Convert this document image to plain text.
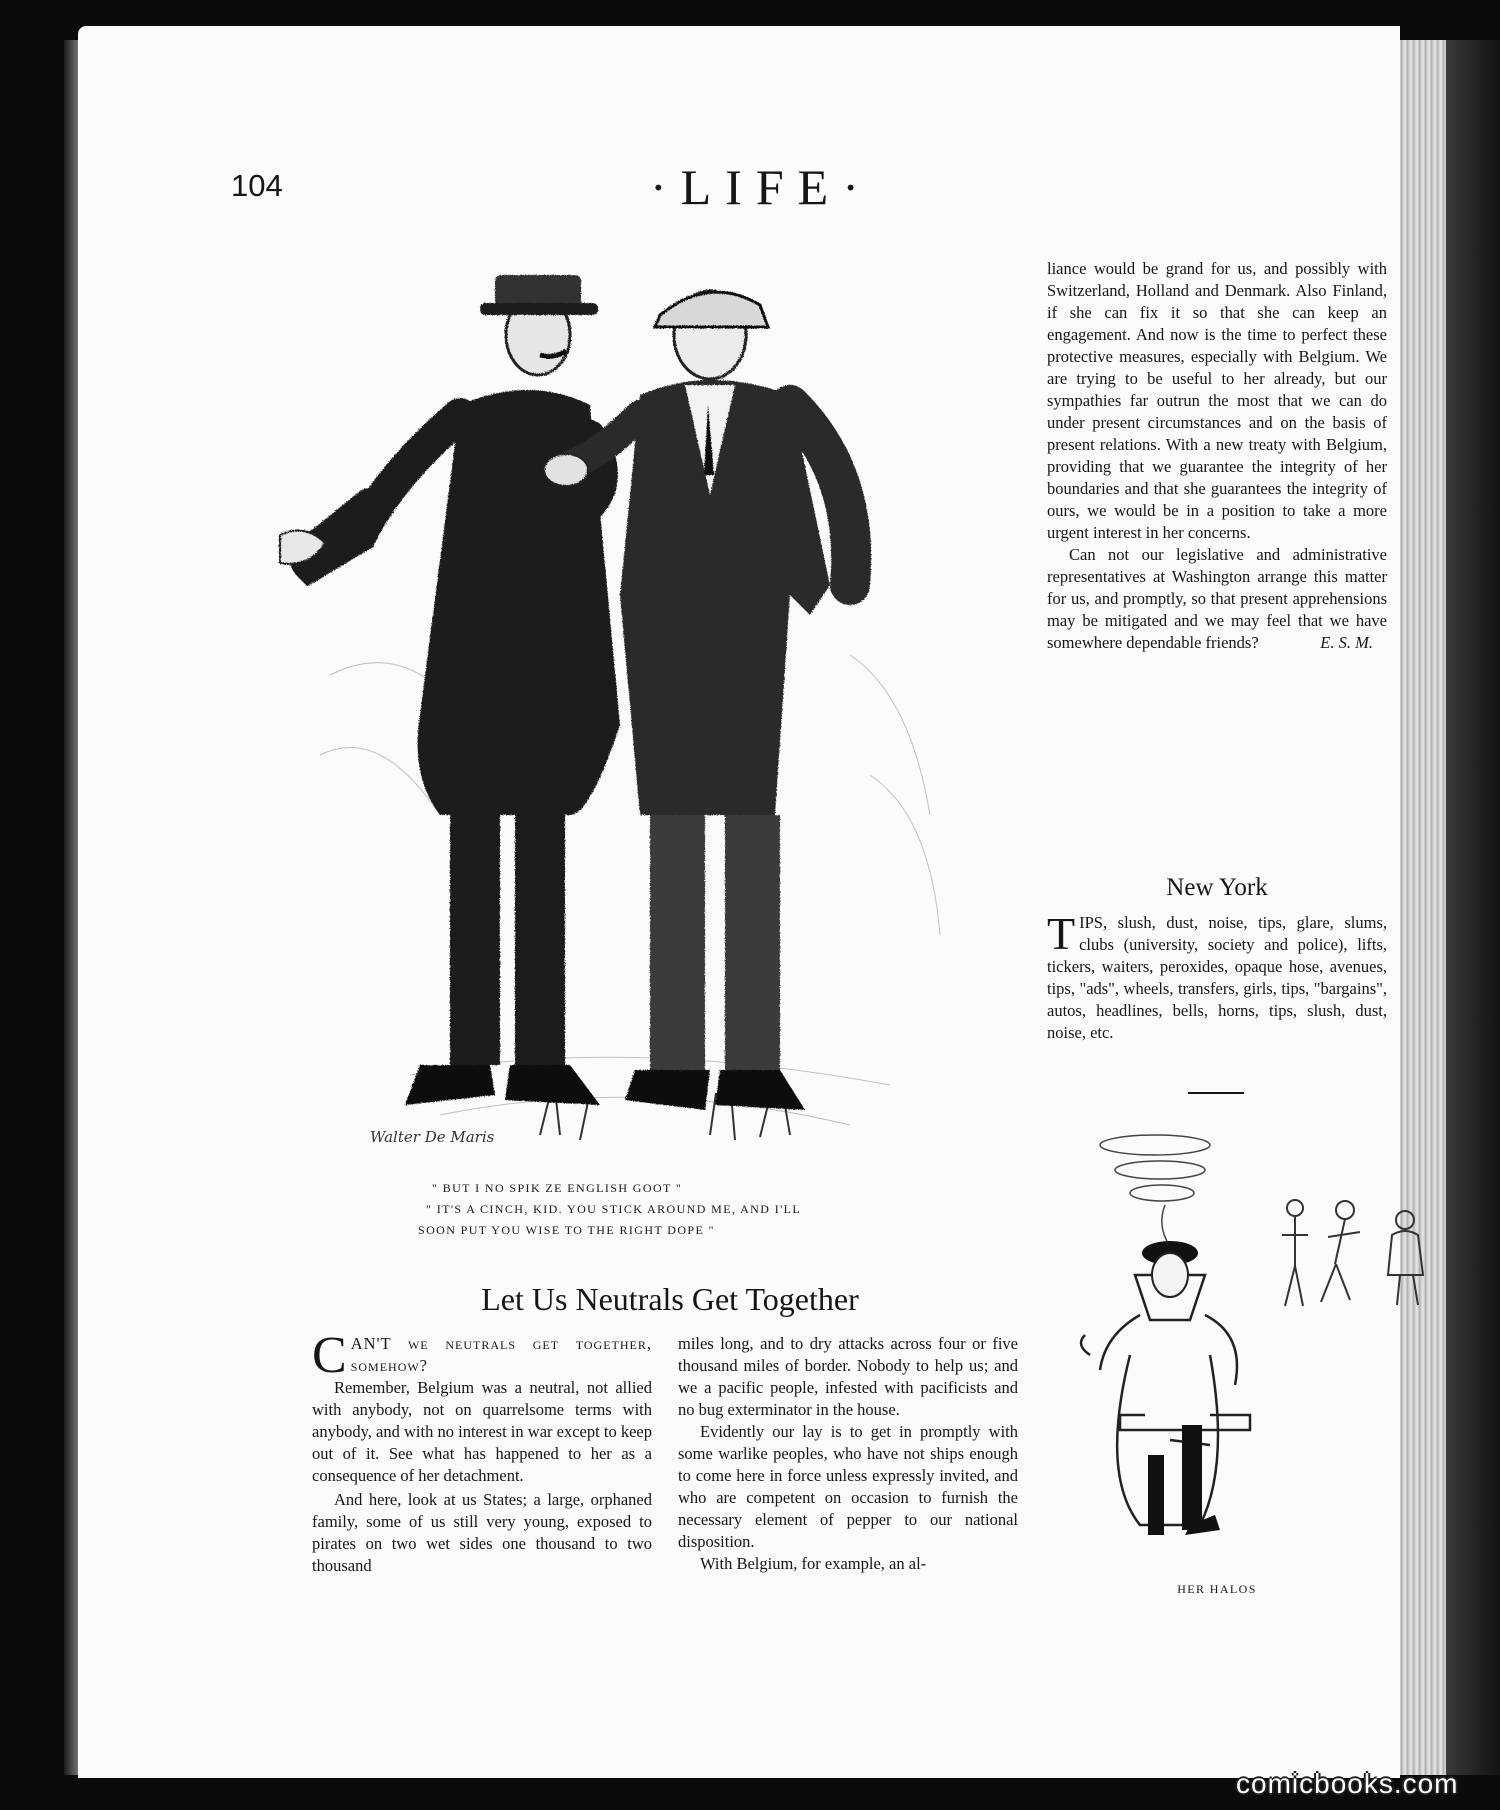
104	·LIFE·
Walter De Maris
" BUT I NO SPIK ZE ENGLISH GOOT "
" IT'S A CINCH, KID. YOU STICK AROUND ME, AND I'LL
SOON PUT YOU WISE TO THE RIGHT DOPE "
Let Us Neutrals Get Together

CAN'T we neutrals get together, somehow?

Remember, Belgium was a neutral, not allied with anybody, not on quarrelsome terms with anybody, and with no interest in war except to keep out of it. See what has happened to her as a consequence of her detachment.

And here, look at us States; a large, orphaned family, some of us still very young, exposed to pirates on two wet sides one thousand to two thousand

miles long, and to dry attacks across four or five thousand miles of border. Nobody to help us; and we a pacific people, infested with pacificists and no bug exterminator in the house.

Evidently our lay is to get in promptly with some warlike peoples, who have not ships enough to come here in force unless expressly invited, and who are competent on occasion to furnish the necessary element of pepper to our national disposition.

With Belgium, for example, an al-

liance would be grand for us, and possibly with Switzerland, Holland and Denmark. Also Finland, if she can fix it so that she can keep an engagement. And now is the time to perfect these protective measures, especially with Belgium. We are trying to be useful to her already, but our sympathies far outrun the most that we can do under present circumstances and on the basis of present relations. With a new treaty with Belgium, providing that we guarantee the integrity of her boundaries and that she guarantees the integrity of ours, we would be in a position to take a more urgent interest in her concerns.

Can not our legislative and administrative representatives at Washington arrange this matter for us, and promptly, so that present apprehensions may be mitigated and we may feel that we have somewhere dependable friends?	E. S. M.

New York

TIPS, slush, dust, noise, tips, glare, slums, clubs (university, society and police), lifts, tickers, waiters, peroxides, opaque hose, avenues, tips, "ads", wheels, transfers, girls, tips, "bargains", autos, headlines, bells, horns, tips, slush, dust, noise, etc.

HER HALOS
comicbooks.com
